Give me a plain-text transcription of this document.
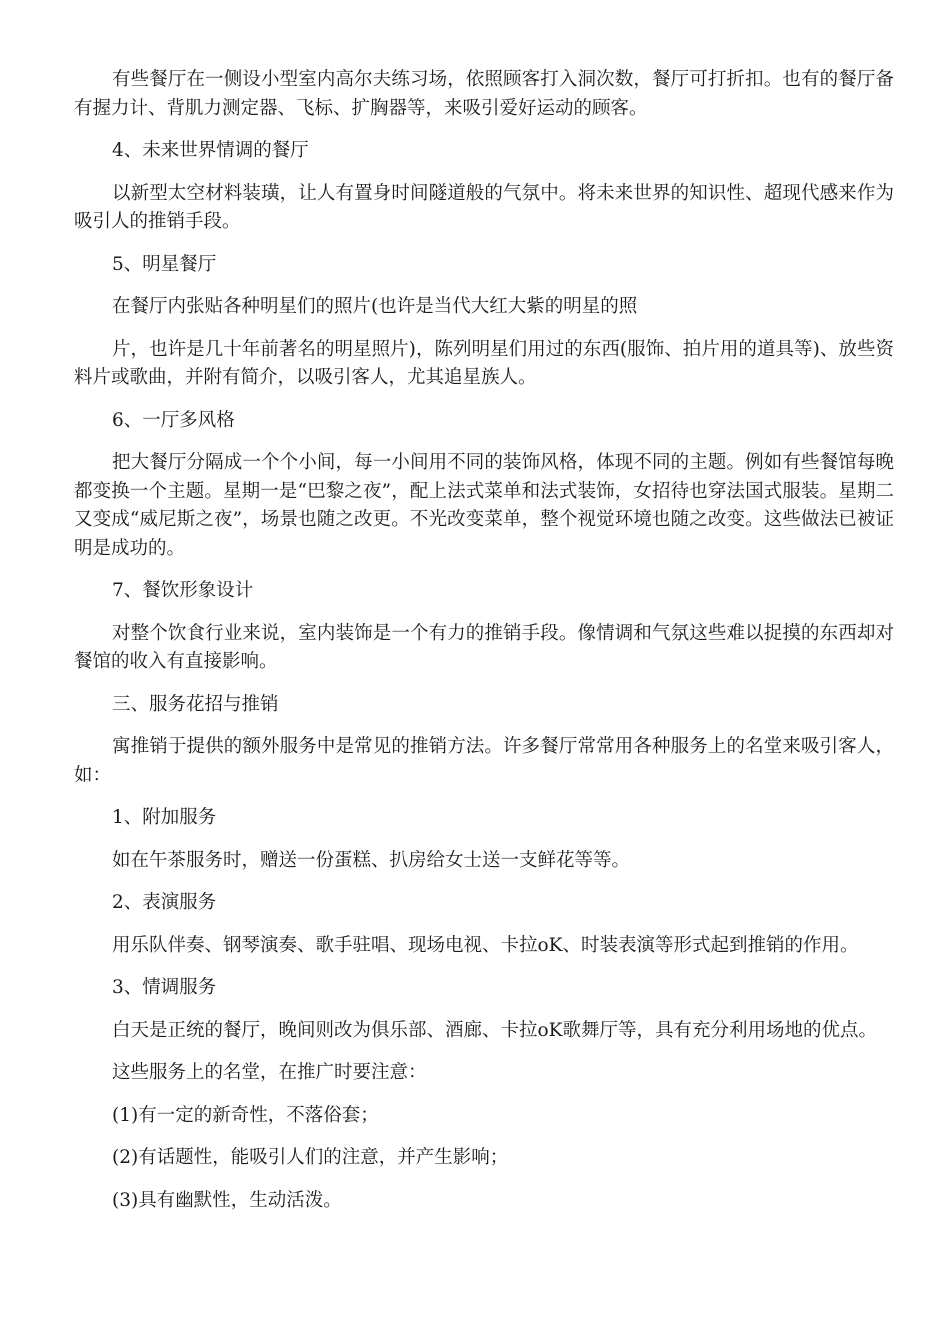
有些餐厅在一侧设小型室内高尔夫练习场，依照顾客打入洞次数，餐厅可打折扣。也有的餐厅备有握力计、背肌力测定器、飞标、扩胸器等，来吸引爱好运动的顾客。

4、未来世界情调的餐厅

以新型太空材料装璜，让人有置身时间隧道般的气氛中。将未来世界的知识性、超现代感来作为吸引人的推销手段。

5、明星餐厅

在餐厅内张贴各种明星们的照片(也许是当代大红大紫的明星的照

片，也许是几十年前著名的明星照片)，陈列明星们用过的东西(服饰、拍片用的道具等)、放些资料片或歌曲，并附有简介，以吸引客人，尤其追星族人。

6、一厅多风格

把大餐厅分隔成一个个小间，每一小间用不同的装饰风格，体现不同的主题。例如有些餐馆每晚都变换一个主题。星期一是“巴黎之夜”，配上法式菜单和法式装饰，女招待也穿法国式服装。星期二又变成“威尼斯之夜”，场景也随之改更。不光改变菜单，整个视觉环境也随之改变。这些做法已被证明是成功的。

7、餐饮形象设计

对整个饮食行业来说，室内装饰是一个有力的推销手段。像情调和气氛这些难以捉摸的东西却对餐馆的收入有直接影响。

三、服务花招与推销

寓推销于提供的额外服务中是常见的推销方法。许多餐厅常常用各种服务上的名堂来吸引客人，如：

1、附加服务

如在午茶服务时，赠送一份蛋糕、扒房给女士送一支鲜花等等。

2、表演服务

用乐队伴奏、钢琴演奏、歌手驻唱、现场电视、卡拉oK、时装表演等形式起到推销的作用。

3、情调服务

白天是正统的餐厅，晚间则改为俱乐部、酒廊、卡拉oK歌舞厅等，具有充分利用场地的优点。

这些服务上的名堂，在推广时要注意：

(1)有一定的新奇性，不落俗套；

(2)有话题性，能吸引人们的注意，并产生影响；

(3)具有幽默性，生动活泼。
